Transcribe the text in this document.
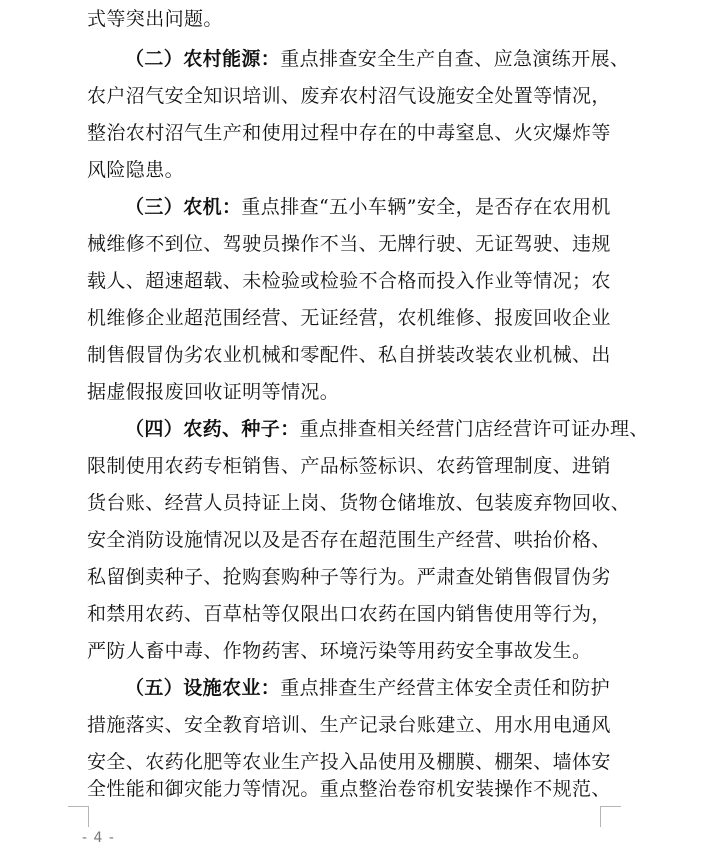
式等突出问题。
（二）农村能源：重点排查安全生产自查、应急演练开展、
农户沼气安全知识培训、废弃农村沼气设施安全处置等情况，
整治农村沼气生产和使用过程中存在的中毒窒息、火灾爆炸等
风险隐患。
（三）农机：重点排查“五小车辆”安全，是否存在农用机
械维修不到位、驾驶员操作不当、无牌行驶、无证驾驶、违规
载人、超速超载、未检验或检验不合格而投入作业等情况；农
机维修企业超范围经营、无证经营，农机维修、报废回收企业
制售假冒伪劣农业机械和零配件、私自拼装改装农业机械、出
据虚假报废回收证明等情况。
（四）农药、种子：重点排查相关经营门店经营许可证办理、
限制使用农药专柜销售、产品标签标识、农药管理制度、进销
货台账、经营人员持证上岗、货物仓储堆放、包装废弃物回收、
安全消防设施情况以及是否存在超范围生产经营、哄抬价格、
私留倒卖种子、抢购套购种子等行为。严肃查处销售假冒伪劣
和禁用农药、百草枯等仅限出口农药在国内销售使用等行为，
严防人畜中毒、作物药害、环境污染等用药安全事故发生。
（五）设施农业：重点排查生产经营主体安全责任和防护
措施落实、安全教育培训、生产记录台账建立、用水用电通风
安全、农药化肥等农业生产投入品使用及棚膜、棚架、墙体安
全性能和御灾能力等情况。重点整治卷帘机安装操作不规范、
- 4 -
